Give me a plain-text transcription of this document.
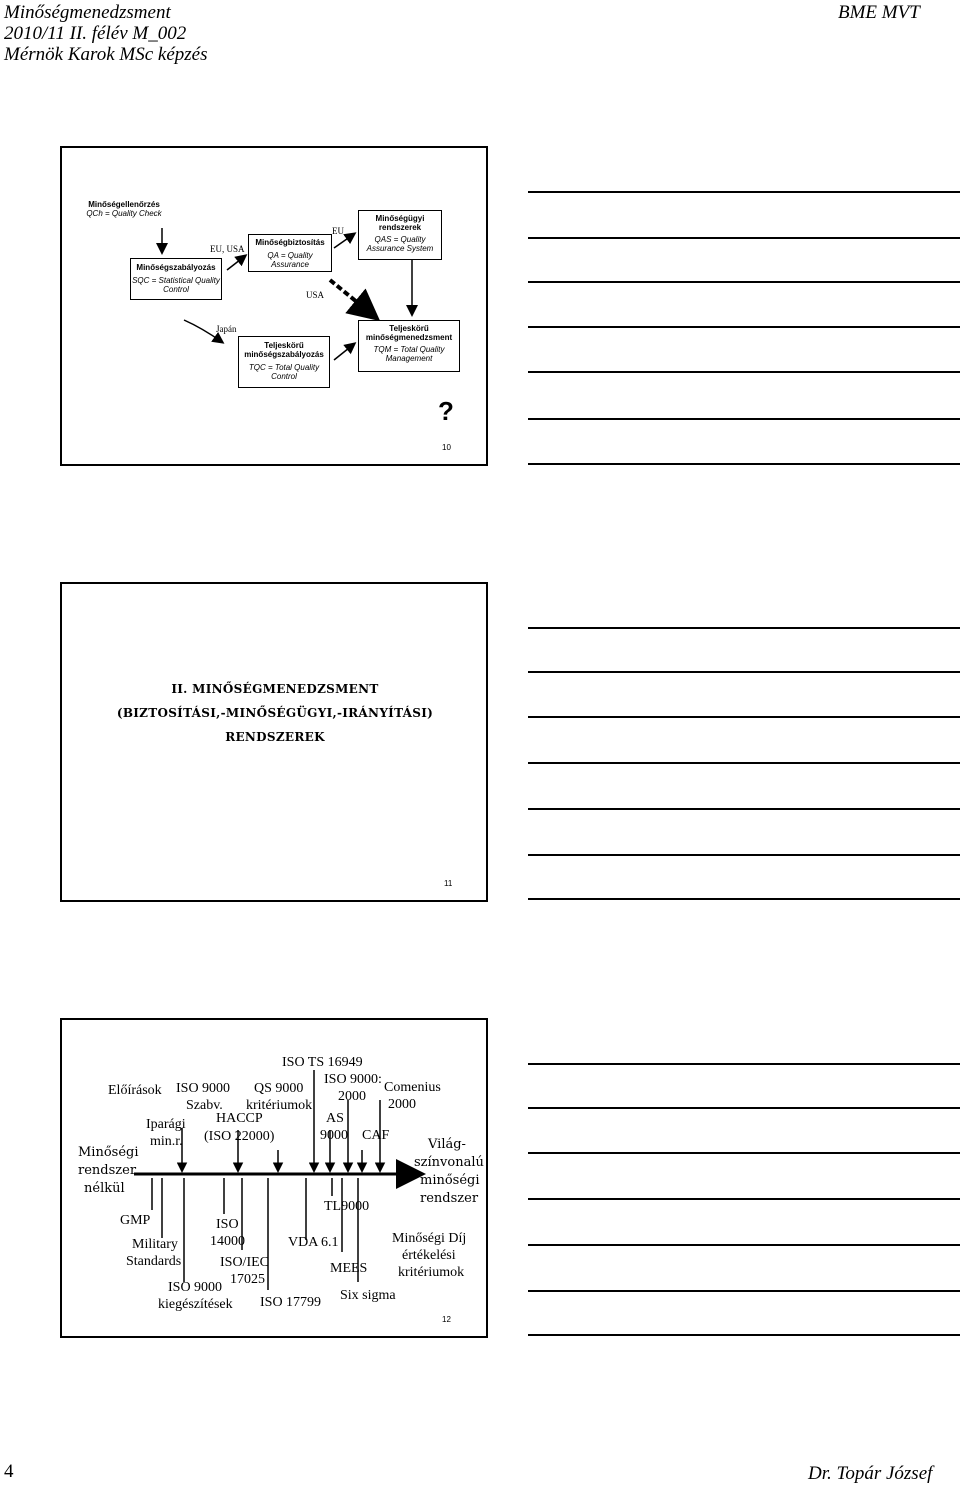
Minőségmenedzsment	BME MVT
2010/11 II. félév M_002
Mérnök Karok MSc képzés
Minőségellenőrzés
QCh = Quality Check
Minőségszabályozás
SQC = Statistical Quality Control
Minőségbiztosítás
QA = Quality Assurance
Minőségügyi rendszerek
QAS = Quality Assurance System
Teljeskörű minőségszabályozás
TQC = Total Quality Control
Teljeskörű minőségmenedzsment
TQM = Total Quality Management
EU, USA
EU
USA
Japán
?
10
II. MINŐSÉGMENEDZSMENT
(BIZTOSÍTÁSI,-MINŐSÉGÜGYI,-IRÁNYÍTÁSI)
RENDSZEREK
11
ISO TS 16949
ISO 9000:
2000
Comenius
2000
Előírások ISO 9000 QS 9000
Szabv. kritériumok
AS
9000 CAF
Iparági
min.r.
HACCP
(ISO 22000)
Minőségi
rendszer
nélkül
Világ-
színvonalú
minőségi
rendszer
TL9000
GMP	ISO
14000	VDA 6.1	Minőségi Díj
értékelési
kritériumok
Military
Standards	ISO/IEC
17025
MEES
ISO 9000
kiegészítések ISO 17799 Six sigma
12
4	Dr. Topár József
